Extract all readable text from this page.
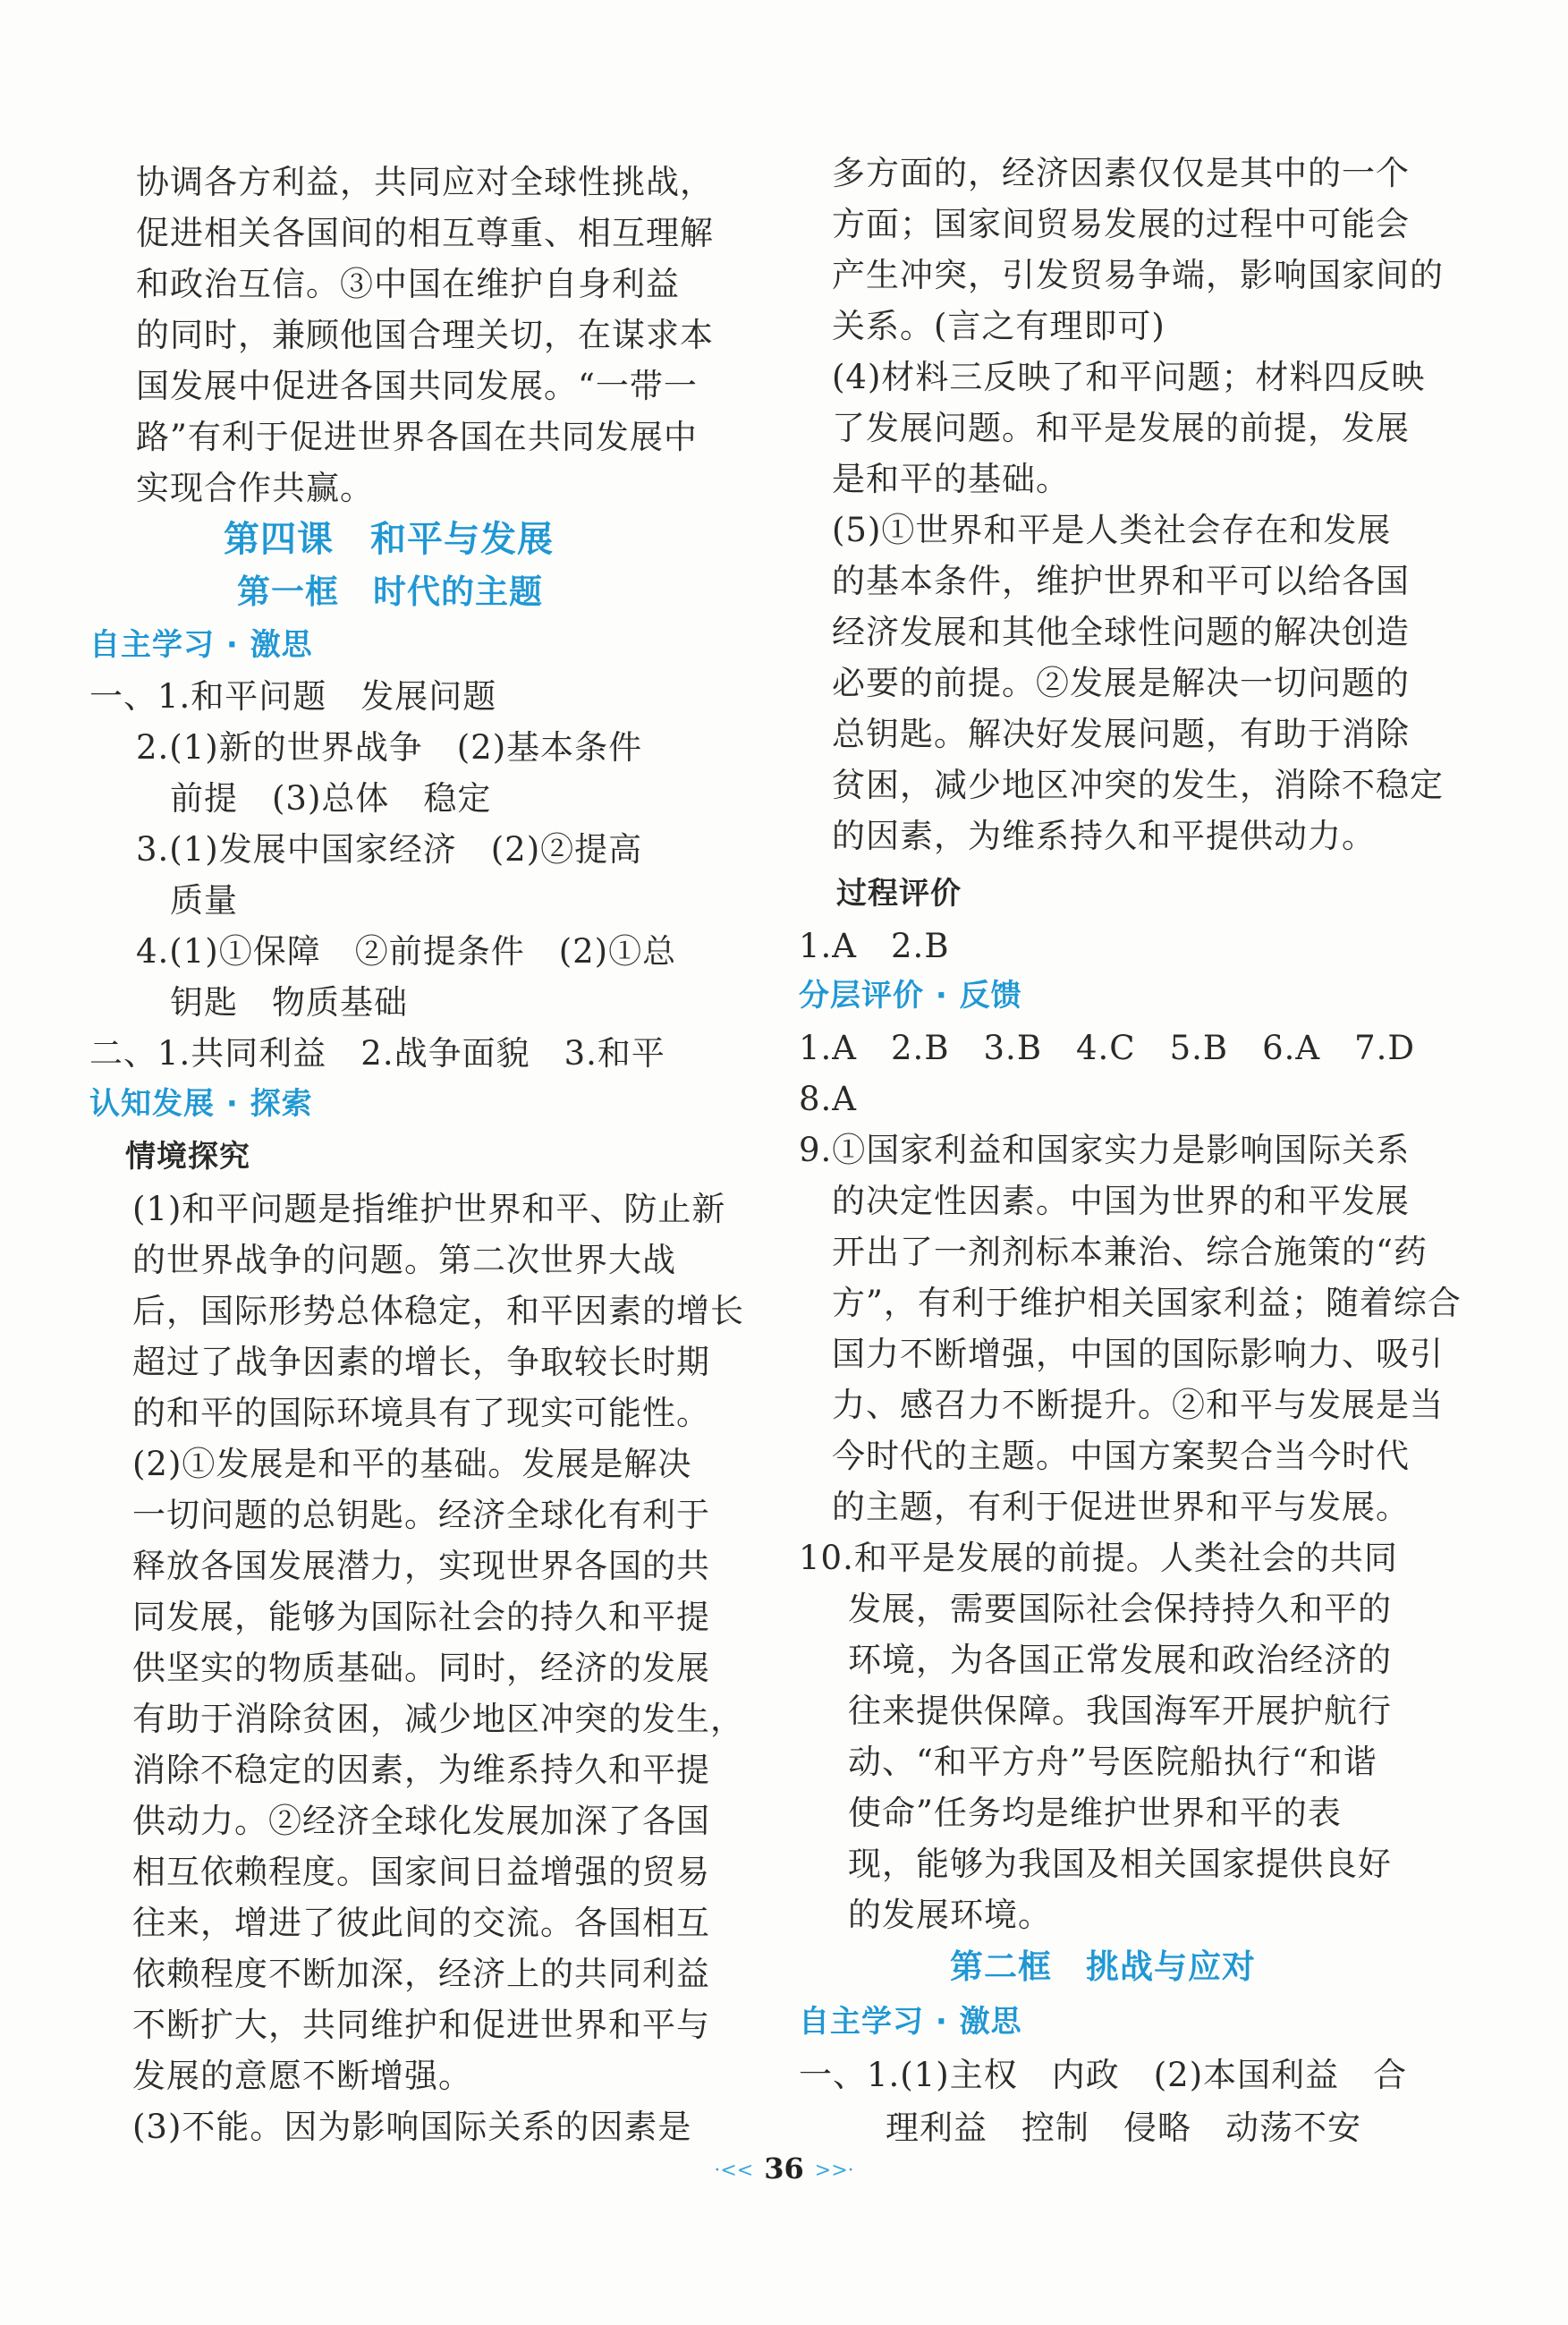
协调各方利益，共同应对全球性挑战，
促进相关各国间的相互尊重、相互理解
和政治互信。③中国在维护自身利益
的同时，兼顾他国合理关切，在谋求本
国发展中促进各国共同发展。“一带一
路”有利于促进世界各国在共同发展中
实现合作共赢。
第四课　和平与发展
第一框　时代的主题
自主学习 · 激思
一、1.和平问题　发展问题
2.(1)新的世界战争　(2)基本条件
前提　(3)总体　稳定
3.(1)发展中国家经济　(2)②提高
质量
4.(1)①保障　②前提条件　(2)①总
钥匙　物质基础
二、1.共同利益　2.战争面貌　3.和平
认知发展 · 探索
情境探究
(1)和平问题是指维护世界和平、防止新
的世界战争的问题。第二次世界大战
后，国际形势总体稳定，和平因素的增长
超过了战争因素的增长，争取较长时期
的和平的国际环境具有了现实可能性。
(2)①发展是和平的基础。发展是解决
一切问题的总钥匙。经济全球化有利于
释放各国发展潜力，实现世界各国的共
同发展，能够为国际社会的持久和平提
供坚实的物质基础。同时，经济的发展
有助于消除贫困，减少地区冲突的发生，
消除不稳定的因素，为维系持久和平提
供动力。②经济全球化发展加深了各国
相互依赖程度。国家间日益增强的贸易
往来，增进了彼此间的交流。各国相互
依赖程度不断加深，经济上的共同利益
不断扩大，共同维护和促进世界和平与
发展的意愿不断增强。
(3)不能。因为影响国际关系的因素是
多方面的，经济因素仅仅是其中的一个
方面；国家间贸易发展的过程中可能会
产生冲突，引发贸易争端，影响国家间的
关系。(言之有理即可)
(4)材料三反映了和平问题；材料四反映
了发展问题。和平是发展的前提，发展
是和平的基础。
(5)①世界和平是人类社会存在和发展
的基本条件，维护世界和平可以给各国
经济发展和其他全球性问题的解决创造
必要的前提。②发展是解决一切问题的
总钥匙。解决好发展问题，有助于消除
贫困，减少地区冲突的发生，消除不稳定
的因素，为维系持久和平提供动力。
过程评价
1.A　2.B
分层评价 · 反馈
1.A　2.B　3.B　4.C　5.B　6.A　7.D
8.A
9.①国家利益和国家实力是影响国际关系
的决定性因素。中国为世界的和平发展
开出了一剂剂标本兼治、综合施策的“药
方”，有利于维护相关国家利益；随着综合
国力不断增强，中国的国际影响力、吸引
力、感召力不断提升。②和平与发展是当
今时代的主题。中国方案契合当今时代
的主题，有利于促进世界和平与发展。
10.和平是发展的前提。人类社会的共同
发展，需要国际社会保持持久和平的
环境，为各国正常发展和政治经济的
往来提供保障。我国海军开展护航行
动、“和平方舟”号医院船执行“和谐
使命”任务均是维护世界和平的表
现，能够为我国及相关国家提供良好
的发展环境。
第二框　挑战与应对
自主学习 · 激思
一、1.(1)主权　内政　(2)本国利益　合
理利益　控制　侵略　动荡不安
·<< 36 >>·
